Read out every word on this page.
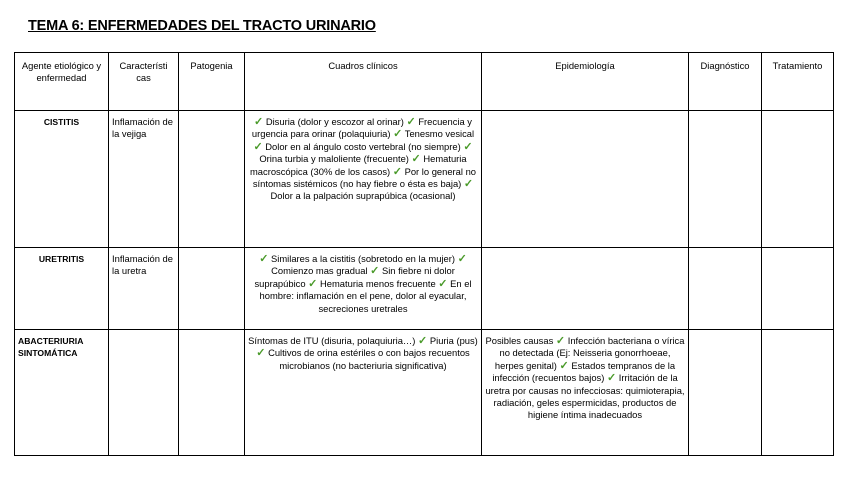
TEMA 6: ENFERMEDADES DEL TRACTO URINARIO
Agente etiológico y enfermedad	Característi cas	Patogenia	Cuadros clínicos	Epidemiología	Diagnóstico	Tratamiento
CISTITIS	Inflamación de la vejiga		✓ Disuria (dolor y escozor al orinar) ✓ Frecuencia y urgencia para orinar (polaquiuria) ✓ Tenesmo vesical ✓ Dolor en al ángulo costo vertebral (no siempre) ✓ Orina turbia y maloliente (frecuente) ✓ Hematuria macroscópica (30% de los casos) ✓ Por lo general no síntomas sistémicos (no hay fiebre o ésta es baja) ✓ Dolor a la palpación suprapúbica (ocasional)			
URETRITIS	Inflamación de la uretra		✓ Similares a la cistitis (sobretodo en la mujer) ✓ Comienzo mas gradual ✓ Sin fiebre ni dolor suprapúbico ✓ Hematuria menos frecuente ✓ En el hombre: inflamación en el pene, dolor al eyacular, secreciones uretrales			
ABACTERIURIA SINTOMÁTICA			Síntomas de ITU (disuria, polaquiuria…) ✓ Piuria (pus) ✓ Cultivos de orina estériles o con bajos recuentos microbianos (no bacteriuria significativa)	Posibles causas ✓ Infección bacteriana o vírica no detectada (Ej: Neisseria gonorrhoeae, herpes genital) ✓ Estados tempranos de la infección (recuentos bajos) ✓ Irritación de la uretra por causas no infecciosas: quimioterapia, radiación, geles espermicidas, productos de higiene íntima inadecuados		
